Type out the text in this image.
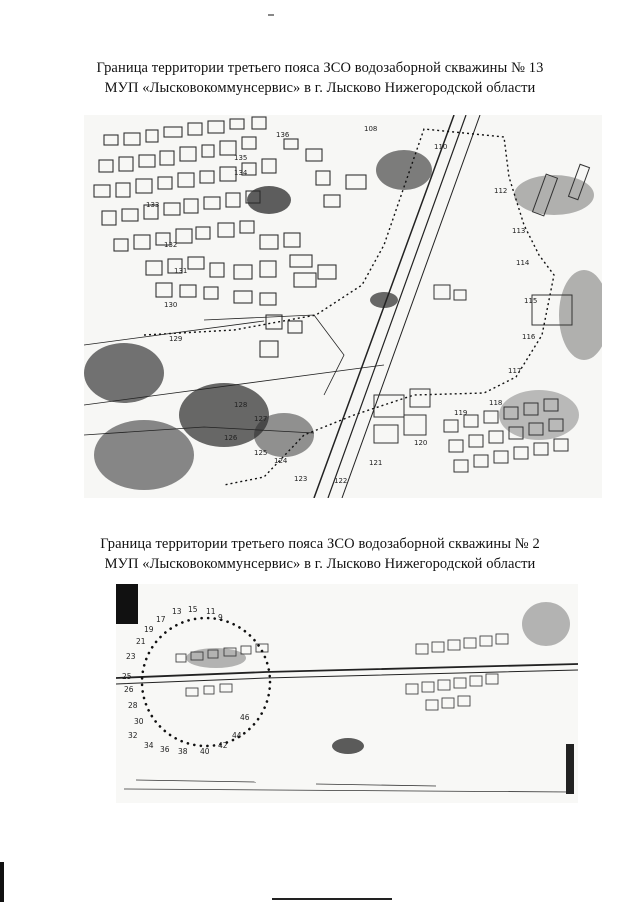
Граница территории третьего пояса ЗСО водозаборной скважины № 13
МУП «Лысковокоммунсервис» в г. Лысково Нижегородской области
135
136
108
110
112
113
114
115
116
117
118
119
120
121
122
123
124
125
126
127
128
129
130
131
132
133
134
Граница территории третьего пояса ЗСО водозаборной скважины № 2
МУП «Лысковокоммунсервис» в г. Лысково Нижегородской области
13 15
17
19
21
23
25
26
28
30
32
34 36 38 40
42
44
46
11
9
